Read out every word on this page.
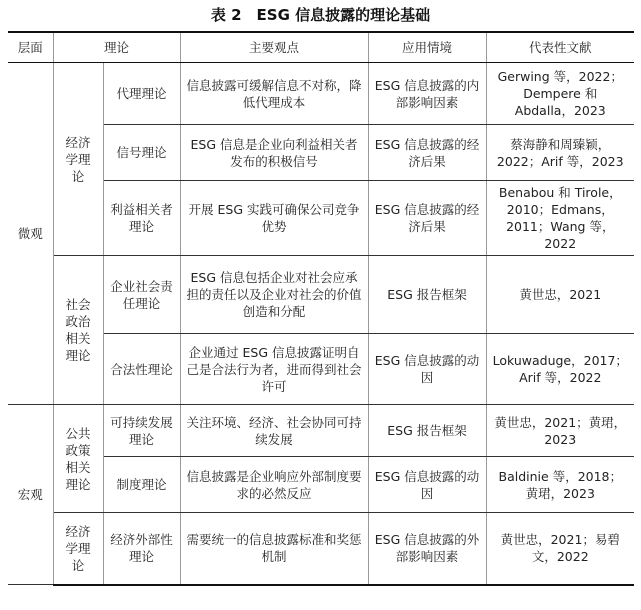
表 2　ESG 信息披露的理论基础
层面	理论		主要观点	应用情境	代表性文献
微观	经济学理论	代理理论	信息披露可缓解信息不对称，降低代理成本	ESG 信息披露的内部影响因素	Gerwing 等，2022；Dempere 和 Abdalla，2023
		信号理论	ESG 信息是企业向利益相关者发布的积极信号	ESG 信息披露的经济后果	蔡海静和周臻颖，2022；Arif 等，2023
		利益相关者理论	开展 ESG 实践可确保公司竞争优势	ESG 信息披露的经济后果	Benabou 和 Tirole，2010；Edmans，2011；Wang 等，2022
	社会政治相关理论	企业社会责任理论	ESG 信息包括企业对社会应承担的责任以及企业对社会的价值创造和分配	ESG 报告框架	黄世忠，2021
		合法性理论	企业通过 ESG 信息披露证明自己是合法行为者，进而得到社会许可	ESG 信息披露的动因	Lokuwaduge，2017；Arif 等，2022
宏观	公共政策相关理论	可持续发展理论	关注环境、经济、社会协同可持续发展	ESG 报告框架	黄世忠，2021；黄珺，2023
		制度理论	信息披露是企业响应外部制度要求的必然反应	ESG 信息披露的动因	Baldinie 等，2018；黄珺，2023
	经济学理论	经济外部性理论	需要统一的信息披露标准和奖惩机制	ESG 信息披露的外部影响因素	黄世忠，2021；易碧文，2022
